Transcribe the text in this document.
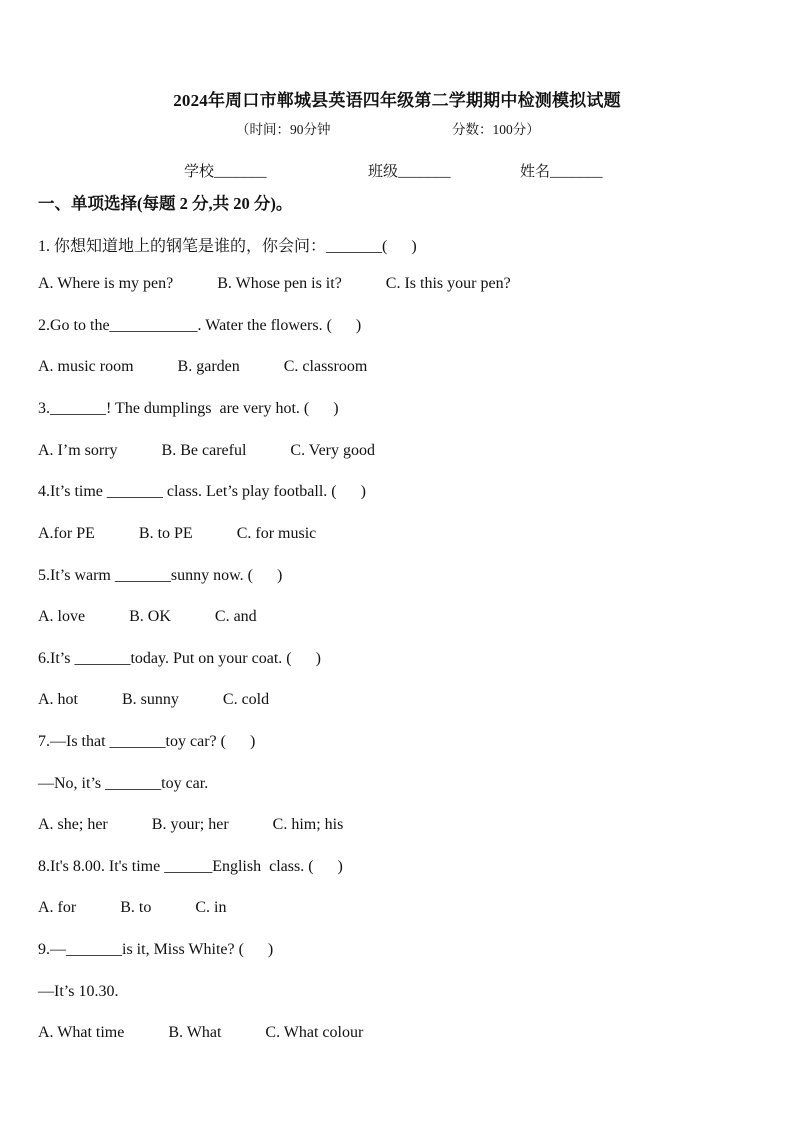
2024年周口市郸城县英语四年级第二学期期中检测模拟试题
（时间：90分钟	分数：100分）
学校_______	班级_______	姓名_______
一、单项选择(每题 2 分,共 20 分)。
1. 你想知道地上的钢笔是谁的，你会问：_______(      )
A. Where is my pen?	B. Whose pen is it?	C. Is this your pen?
2.Go to the___________. Water the flowers. (      )
A. music room	B. garden	C. classroom
3._______! The dumplings  are very hot. (      )
A. I’m sorry	B. Be careful	C. Very good
4.It’s time _______ class. Let’s play football. (      )
A.for PE	B. to PE	C. for music
5.It’s warm _______sunny now. (      )
A. love	B. OK	C. and
6.It’s _______today. Put on your coat. (      )
A. hot	B. sunny	C. cold
7.—Is that _______toy car? (      )
—No, it’s _______toy car.
A. she; her	B. your; her	C. him; his
8.It's 8.00. It's time ______English  class. (      )
A. for	B. to	C. in
9.—_______is it, Miss White? (      )
—It’s 10.30.
A. What time	B. What	C. What colour
